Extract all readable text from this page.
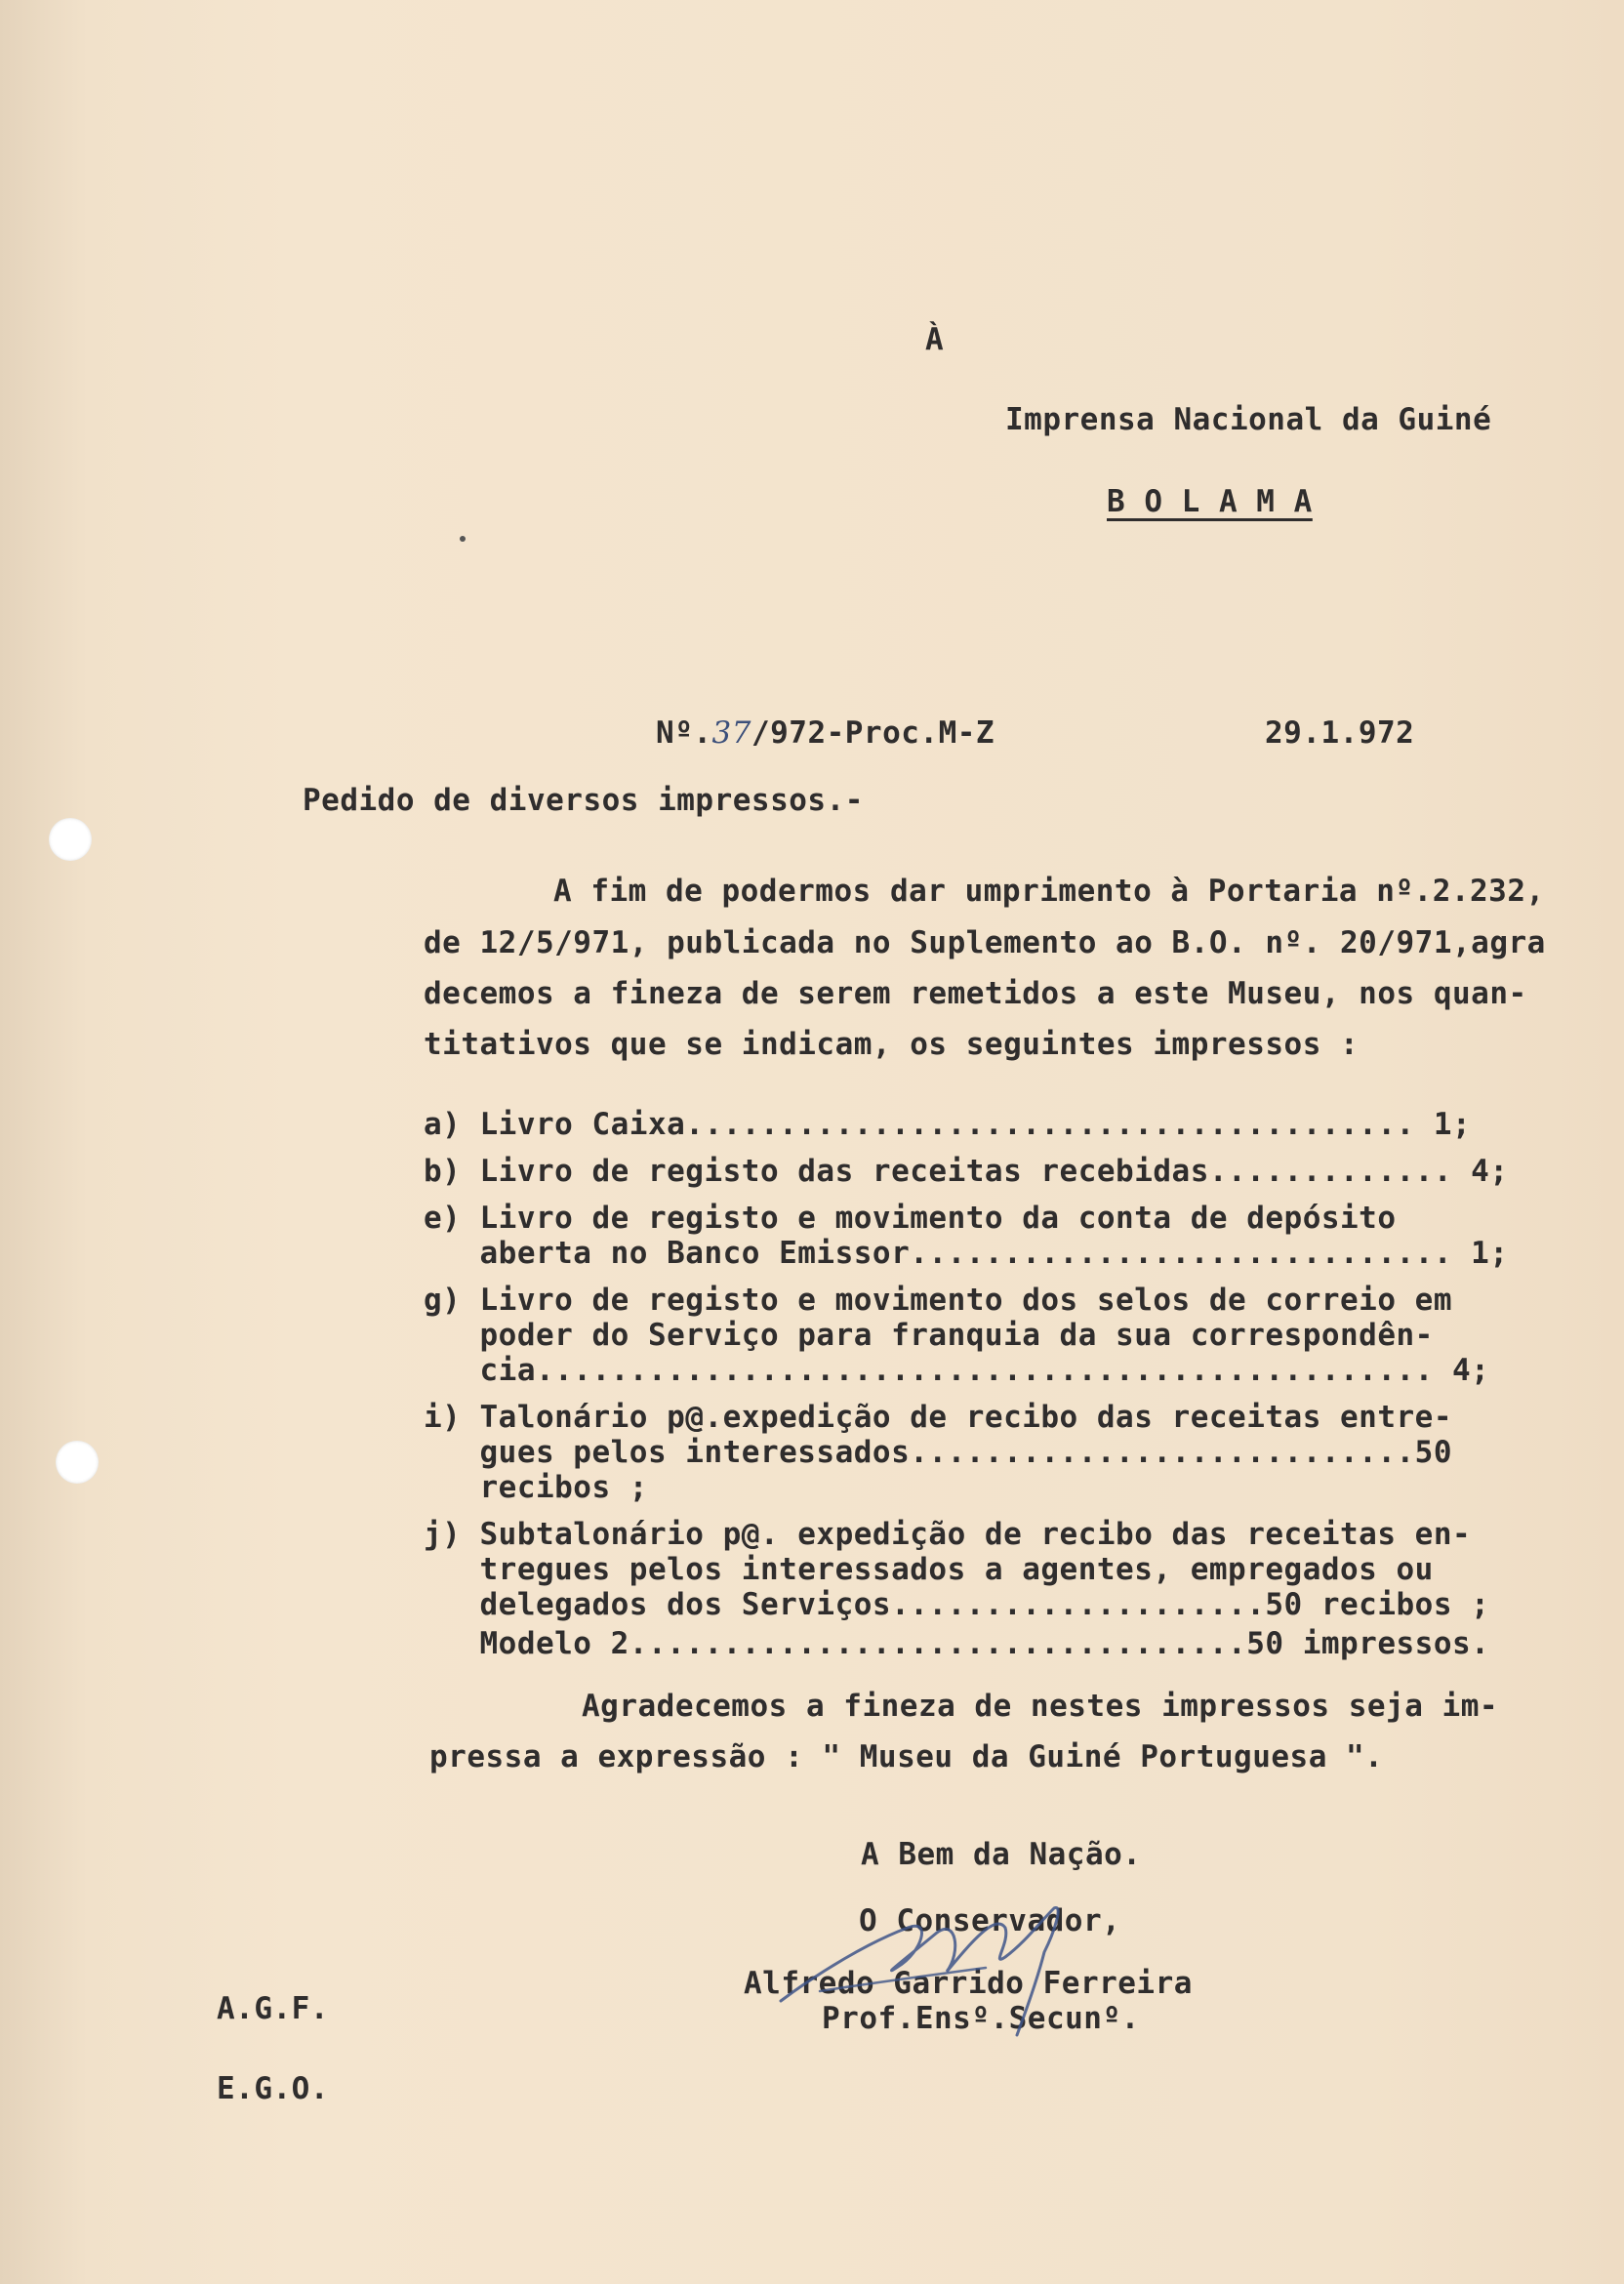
À
Imprensa Nacional da Guiné
B O L A M A
Nº.37/972-Proc.M-Z	29.1.972
Pedido de diversos impressos.-
A fim de podermos dar umprimento à Portaria nº.2.232,
de 12/5/971, publicada no Suplemento ao B.O. nº. 20/971,agra
decemos a fineza de serem remetidos a este Museu, nos quan-
titativos que se indicam, os seguintes impressos :
a) Livro Caixa....................................... 1;
b) Livro de registo das receitas recebidas............. 4;
e) Livro de registo e movimento da conta de depósito
aberta no Banco Emissor............................. 1;
g) Livro de registo e movimento dos selos de correio em
poder do Serviço para franquia da sua correspondên-
cia................................................ 4;
i) Talonário p@.expedição de recibo das receitas entre-
gues pelos interessados...........................50
recibos ;
j) Subtalonário p@. expedição de recibo das receitas en-
tregues pelos interessados a agentes, empregados ou
delegados dos Serviços....................50 recibos ;
Modelo 2.................................50 impressos.
Agradecemos a fineza de nestes impressos seja im-
pressa a expressão : " Museu da Guiné Portuguesa ".
A Bem da Nação.
O Conservador,
Alfredo Garrido Ferreira
Prof.Ensº.Secunº.
A.G.F.
E.G.O.
